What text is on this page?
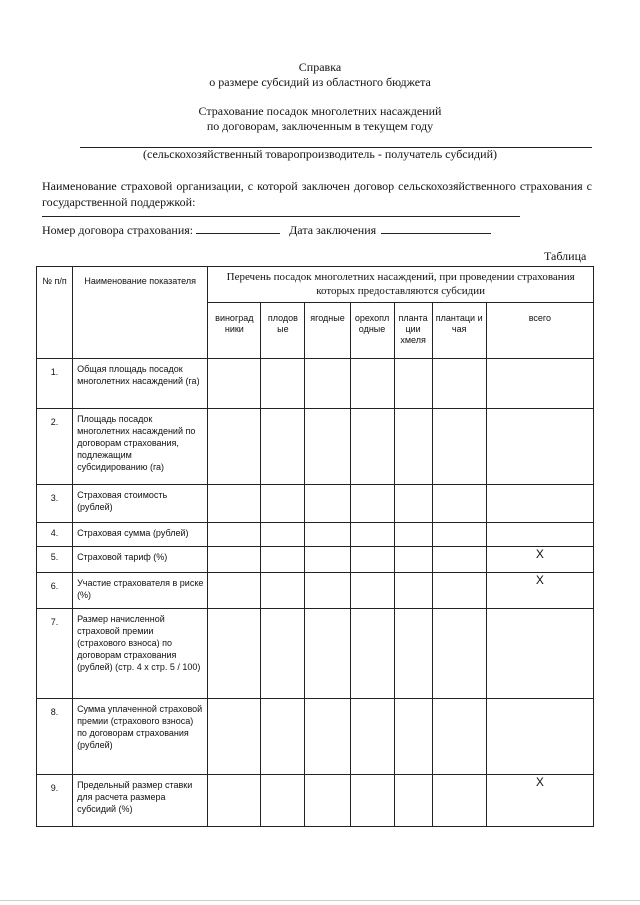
Справка
о размере субсидий из областного бюджета
Страхование посадок многолетних насаждений
по договорам, заключенным в текущем году
(сельскохозяйственный товаропроизводитель - получатель субсидий)
Наименование страховой организации, с которой заключен договор сельскохозяйственного страхования с государственной поддержкой:
Номер договора страхования:	Дата заключения
Таблица
№ п/п	Наименование показателя	Перечень посадок многолетних насаждений, при проведении страхования которых предоставляются субсидии						
		виноград ники	плодов ые	ягодные	орехопл одные	планта ции хмеля	плантаци и чая	всего
1.	Общая площадь посадок многолетних насаждений (га)							
2.	Площадь посадок многолетних насаждений по договорам страхования, подлежащим субсидированию (га)							
3.	Страховая стоимость (рублей)							
4.	Страховая сумма (рублей)							
5.	Страховой тариф (%)							X
6.	Участие страхователя в риске (%)							X
7.	Размер начисленной страховой премии (страхового взноса) по договорам страхования (рублей) (стр. 4 х стр. 5 / 100)							
8.	Сумма уплаченной страховой премии (страхового взноса) по договорам страхования (рублей)							
9.	Предельный размер ставки для расчета размера субсидий (%)							X
